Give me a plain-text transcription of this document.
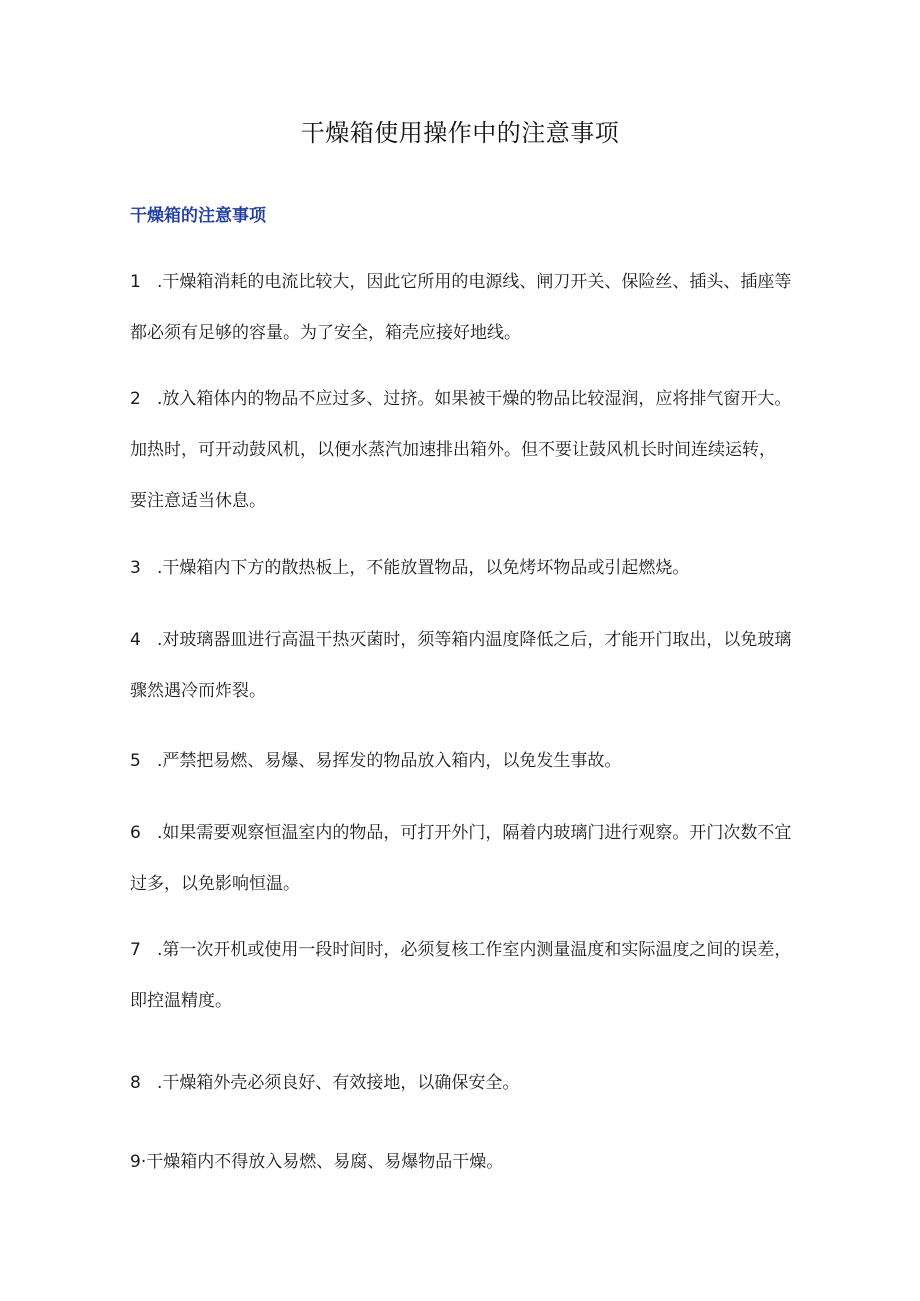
干燥箱使用操作中的注意事项
干燥箱的注意事项
1 .干燥箱消耗的电流比较大，因此它所用的电源线、闸刀开关、保险丝、插头、插座等
都必须有足够的容量。为了安全，箱壳应接好地线。
2 .放入箱体内的物品不应过多、过挤。如果被干燥的物品比较湿润，应将排气窗开大。
加热时，可开动鼓风机，以便水蒸汽加速排出箱外。但不要让鼓风机长时间连续运转，
要注意适当休息。
3 .干燥箱内下方的散热板上，不能放置物品，以免烤坏物品或引起燃烧。
4 .对玻璃器皿进行高温干热灭菌时，须等箱内温度降低之后，才能开门取出，以免玻璃
骤然遇冷而炸裂。
5 .严禁把易燃、易爆、易挥发的物品放入箱内，以免发生事故。
6 .如果需要观察恒温室内的物品，可打开外门，隔着内玻璃门进行观察。开门次数不宜
过多，以免影响恒温。
7 .第一次开机或使用一段时间时，必须复核工作室内测量温度和实际温度之间的误差，
即控温精度。
8 .干燥箱外壳必须良好、有效接地，以确保安全。
9·干燥箱内不得放入易燃、易腐、易爆物品干燥。
